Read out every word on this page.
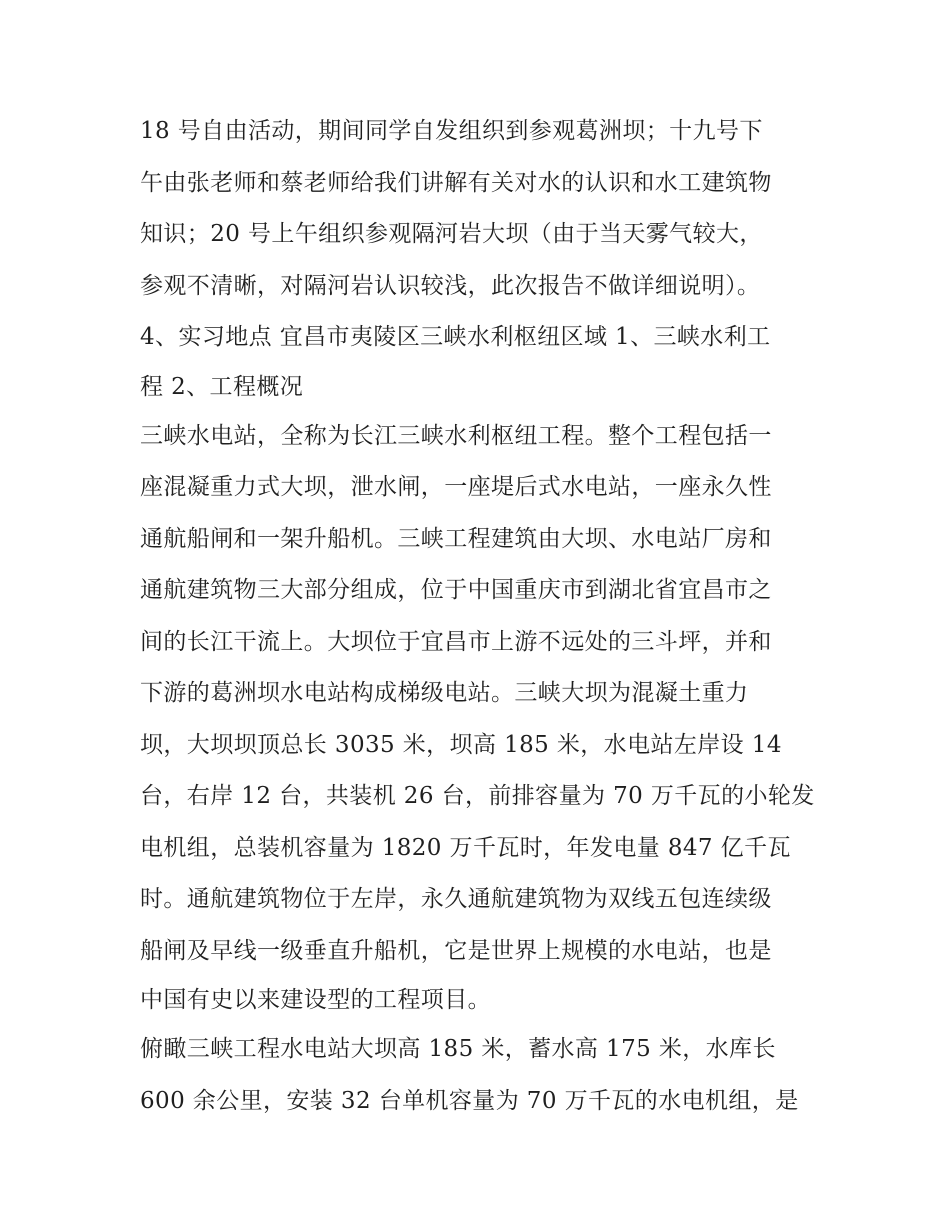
18 号自由活动，期间同学自发组织到参观葛洲坝；十九号下
午由张老师和蔡老师给我们讲解有关对水的认识和水工建筑物
知识；20 号上午组织参观隔河岩大坝（由于当天雾气较大，
参观不清晰，对隔河岩认识较浅，此次报告不做详细说明）。
4、实习地点 宜昌市夷陵区三峡水利枢纽区域 1、三峡水利工
程 2、工程概况
三峡水电站，全称为长江三峡水利枢纽工程。整个工程包括一
座混凝重力式大坝，泄水闸，一座堤后式水电站，一座永久性
通航船闸和一架升船机。三峡工程建筑由大坝、水电站厂房和
通航建筑物三大部分组成，位于中国重庆市到湖北省宜昌市之
间的长江干流上。大坝位于宜昌市上游不远处的三斗坪，并和
下游的葛洲坝水电站构成梯级电站。三峡大坝为混凝土重力
坝，大坝坝顶总长 3035 米，坝高 185 米，水电站左岸设 14
台，右岸 12 台，共装机 26 台，前排容量为 70 万千瓦的小轮发
电机组，总装机容量为 1820 万千瓦时，年发电量 847 亿千瓦
时。通航建筑物位于左岸，永久通航建筑物为双线五包连续级
船闸及早线一级垂直升船机，它是世界上规模的水电站，也是
中国有史以来建设型的工程项目。
俯瞰三峡工程水电站大坝高 185 米，蓄水高 175 米，水库长
600 余公里，安装 32 台单机容量为 70 万千瓦的水电机组，是
